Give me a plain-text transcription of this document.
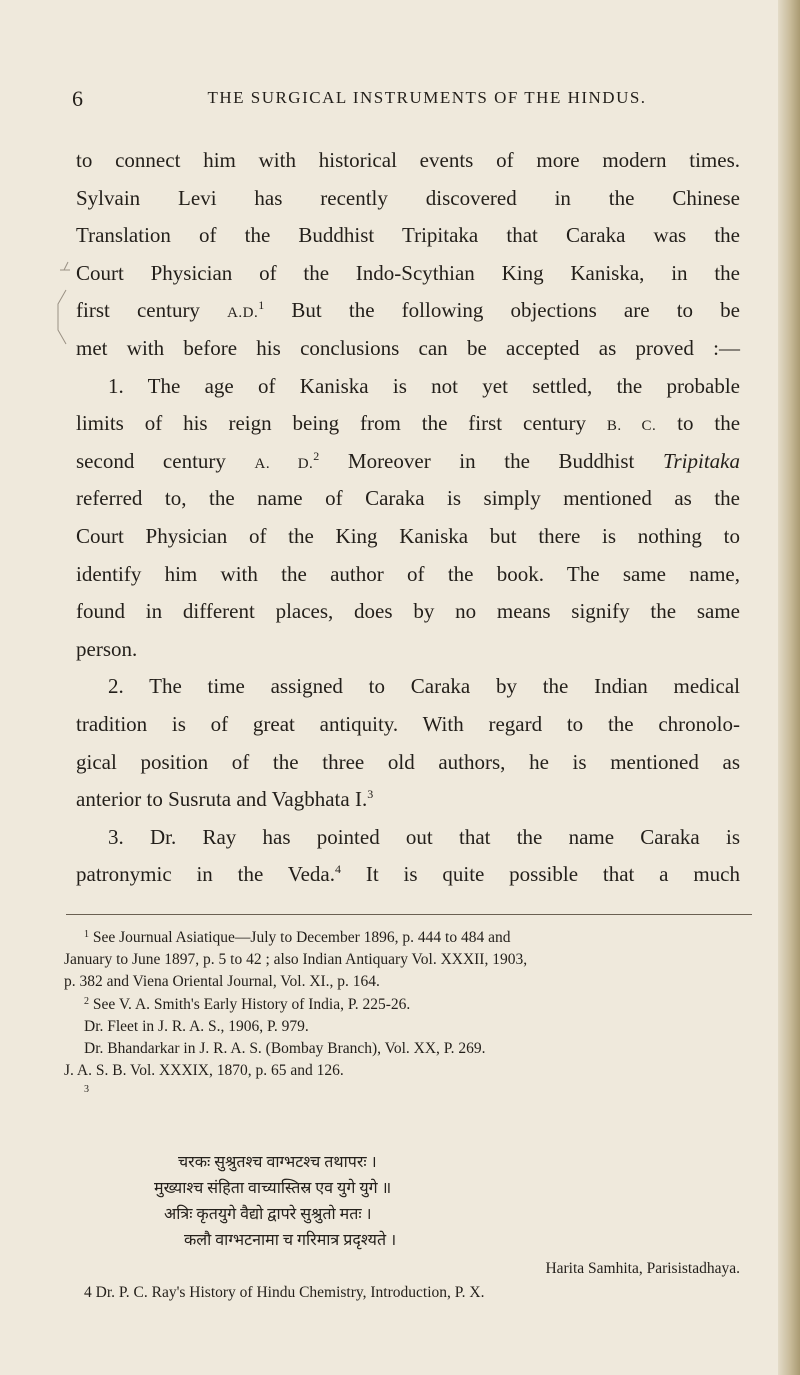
6	THE SURGICAL INSTRUMENTS OF THE HINDUS.
to connect him with historical events of more modern times.
Sylvain Levi has recently discovered in the Chinese
Translation of the Buddhist Tripitaka that Caraka was the
Court Physician of the Indo-Scythian King Kaniska, in the
first century A.D.$^1$ But the following objections are to be
met with before his conclusions can be accepted as proved :—
1. The age of Kaniska is not yet settled, the probable
limits of his reign being from the first century B. C. to the
second century A. D.$^2$ Moreover in the Buddhist Tripitaka
referred to, the name of Caraka is simply mentioned as the
Court Physician of the King Kaniska but there is nothing to
identify him with the author of the book. The same name,
found in different places, does by no means signify the same
person.
2. The time assigned to Caraka by the Indian medical
tradition is of great antiquity. With regard to the chronolo-
gical position of the three old authors, he is mentioned as
anterior to Susruta and Vagbhata I.$^3$
3. Dr. Ray has pointed out that the name Caraka is
patronymic in the Veda.$^4$ It is quite possible that a much
$^1$ See Journual Asiatique—July to December 1896, p. 444 to 484 and
January to June 1897, p. 5 to 42 ; also Indian Antiquary Vol. XXXII, 1903,
p. 382 and Viena Oriental Journal, Vol. XI., p. 164.
$^2$ See V. A. Smith's Early History of India, P. 225-26.
Dr. Fleet in J. R. A. S., 1906, P. 979.
Dr. Bhandarkar in J. R. A. S. (Bombay Branch), Vol. XX, P. 269.
J. A. S. B. Vol. XXXIX, 1870, p. 65 and 126.
$^3$
चरकः सुश्रुतश्च वाग्भटश्च तथापरः ।
मुख्याश्च संहिता वाच्यास्तिस्र एव युगे युगे ॥
अत्रिः कृतयुगे वैद्यो द्वापरे सुश्रुतो मतः ।
कलौ वाग्भटनामा च गरिमात्र प्रदृश्यते ।
Harita Samhita, Parisistadhaya.
4 Dr. P. C. Ray's History of Hindu Chemistry, Introduction, P. X.
